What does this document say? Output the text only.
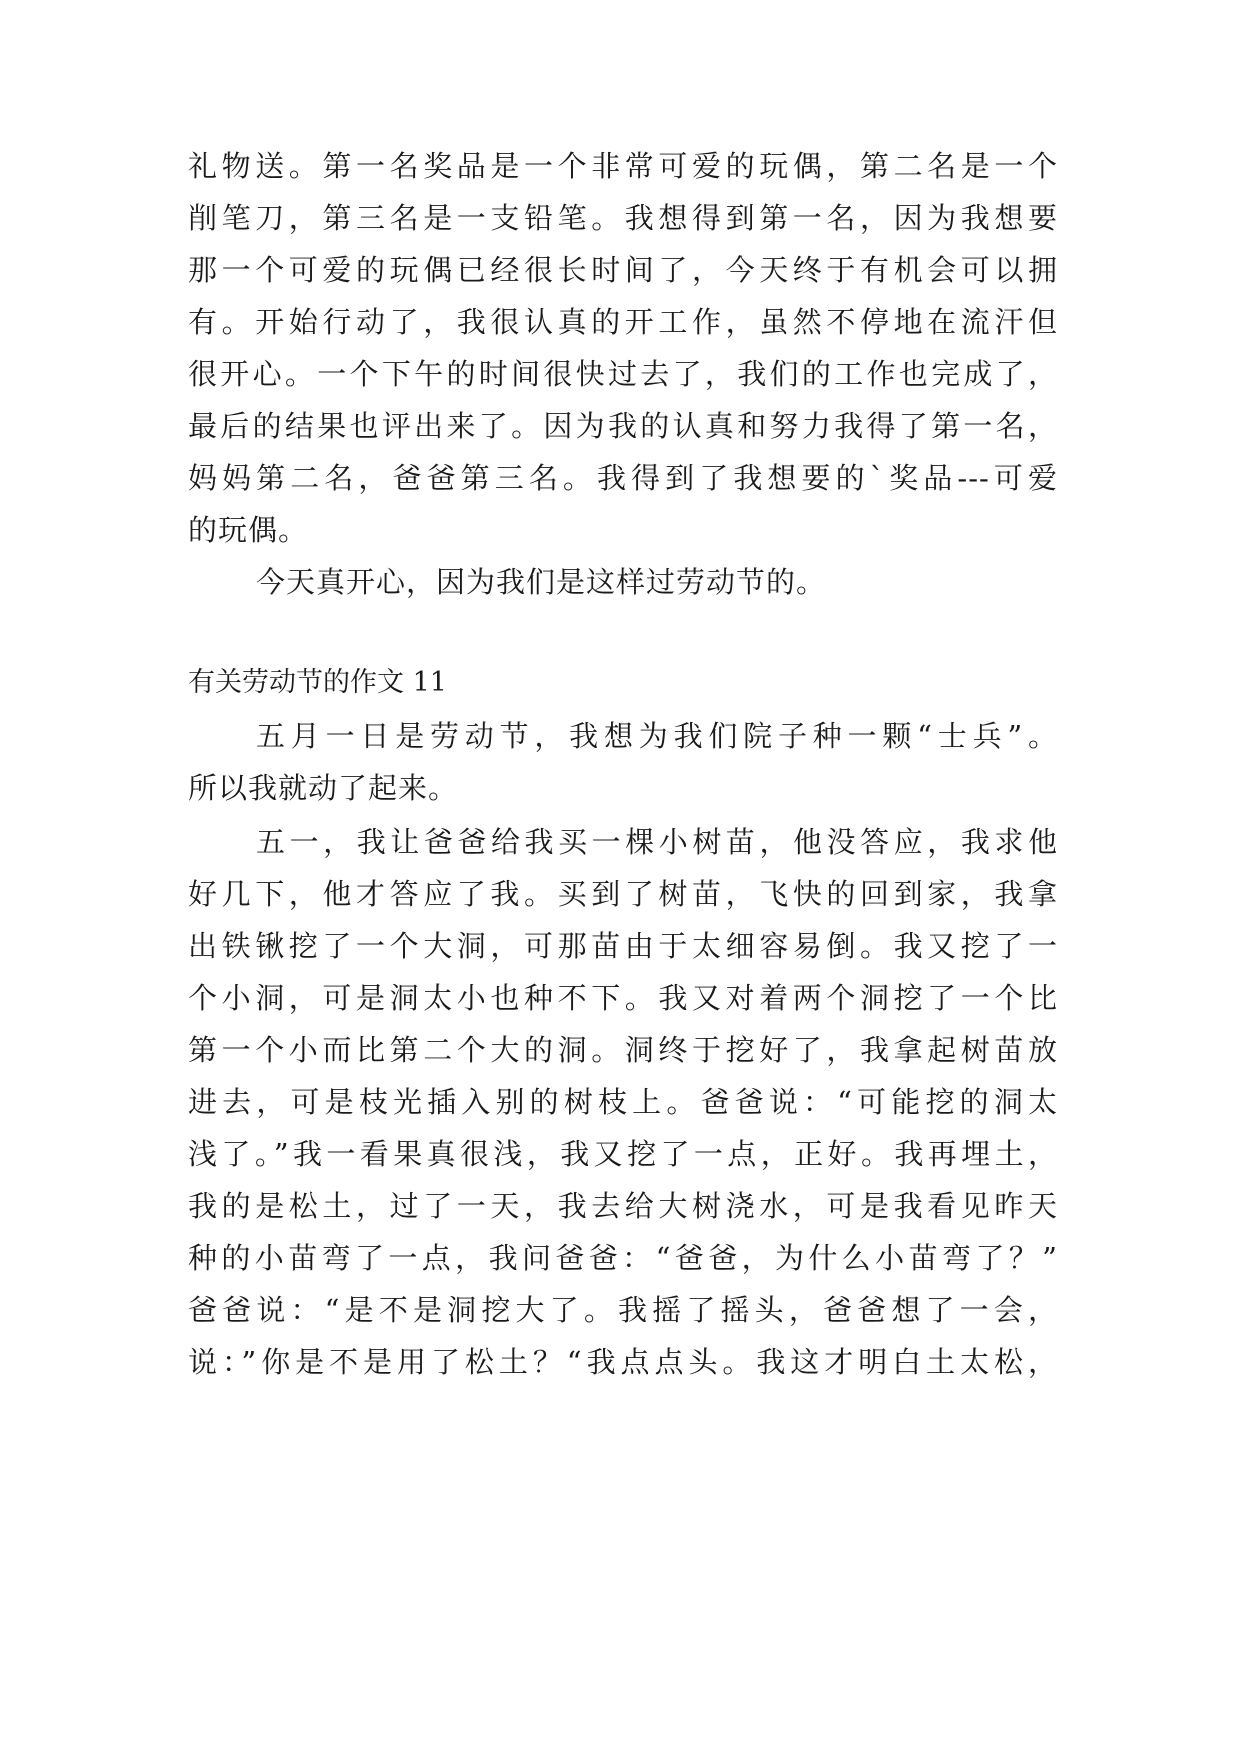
礼物送。第一名奖品是一个非常可爱的玩偶，第二名是一个

削笔刀，第三名是一支铅笔。我想得到第一名，因为我想要

那一个可爱的玩偶已经很长时间了，今天终于有机会可以拥

有。开始行动了，我很认真的开工作，虽然不停地在流汗但

很开心。一个下午的时间很快过去了，我们的工作也完成了，

最后的结果也评出来了。因为我的认真和努力我得了第一名，

妈妈第二名，爸爸第三名。我得到了我想要的`奖品---可爱

的玩偶。

今天真开心，因为我们是这样过劳动节的。

有关劳动节的作文 11

五月一日是劳动节，我想为我们院子种一颗“士兵”。

所以我就动了起来。

五一，我让爸爸给我买一棵小树苗，他没答应，我求他

好几下，他才答应了我。买到了树苗，飞快的回到家，我拿

出铁锹挖了一个大洞，可那苗由于太细容易倒。我又挖了一

个小洞，可是洞太小也种不下。我又对着两个洞挖了一个比

第一个小而比第二个大的洞。洞终于挖好了，我拿起树苗放

进去，可是枝光插入别的树枝上。爸爸说：“可能挖的洞太

浅了。”我一看果真很浅，我又挖了一点，正好。我再埋土，

我的是松土，过了一天，我去给大树浇水，可是我看见昨天

种的小苗弯了一点，我问爸爸：“爸爸，为什么小苗弯了？”

爸爸说：“是不是洞挖大了。我摇了摇头，爸爸想了一会，

说：”你是不是用了松土？“我点点头。我这才明白土太松，
